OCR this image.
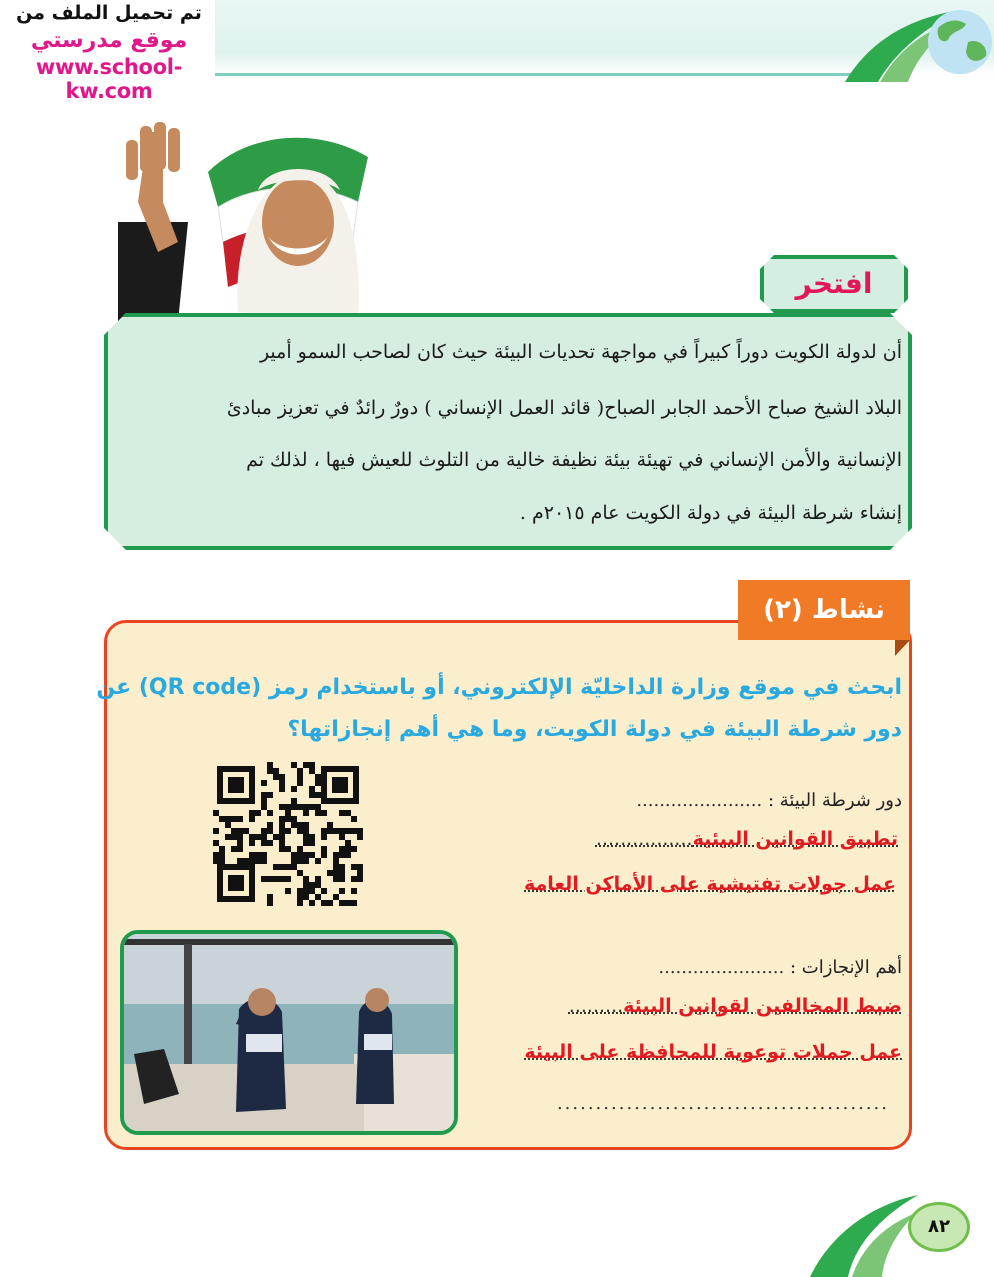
تم تحميل الملف من
موقع مدرستي
www.school-kw.com
افتخر
أن لدولة الكويت دوراً كبيراً في مواجهة تحديات البيئة حيث كان لصاحب السمو أمير
البلاد الشيخ صباح الأحمد الجابر الصباح( قائد العمل الإنساني ) دورٌ رائدٌ في تعزيز مبادئ
الإنسانية والأمن الإنساني في تهيئة بيئة نظيفة خالية من التلوث للعيش فيها ، لذلك تم
إنشاء شرطة البيئة في دولة الكويت عام ٢٠١٥م .
نشاط (٢)
ابحث في موقع وزارة الداخليّة الإلكتروني، أو باستخدام رمز (QR code) عن
دور شرطة البيئة في دولة الكويت، وما هي أهم إنجازاتها؟
دور شرطة البيئة : ......................
تطبيق القوانين البيئية................
عمل جولات تفتيشية على الأماكن العامة
أهم الإنجازات : ......................
ضبط المخالفين لقوانين البيئة.........
عمل حملات توعوية للمحافظة على البيئة
...........................................
٨٢
